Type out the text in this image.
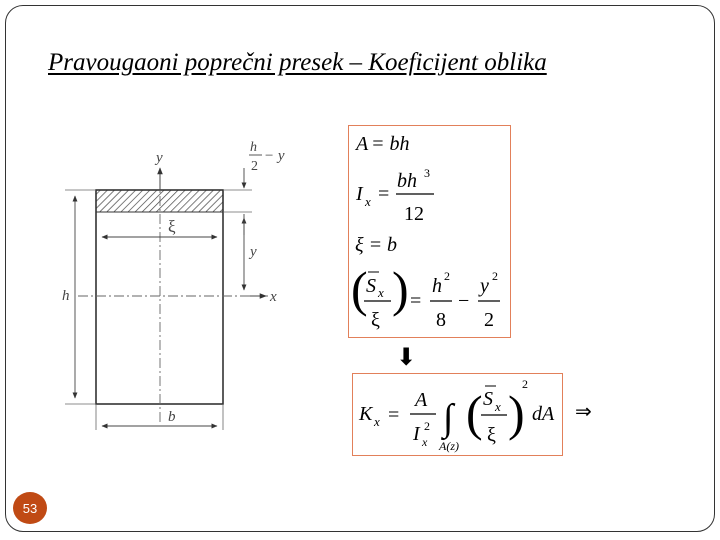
Pravougaoni poprečni presek – Koeficijent oblika
y
h
2
− y
ξ
y
h	x
b
A = bh
I x =
bh 3
12
ξ = b
(
S x
ξ
) =
h 2
8
−
y 2
2
⬇
K x =
A
I 2
x
∫
A(z)
( S x
ξ )
2
dA ⇒
53
